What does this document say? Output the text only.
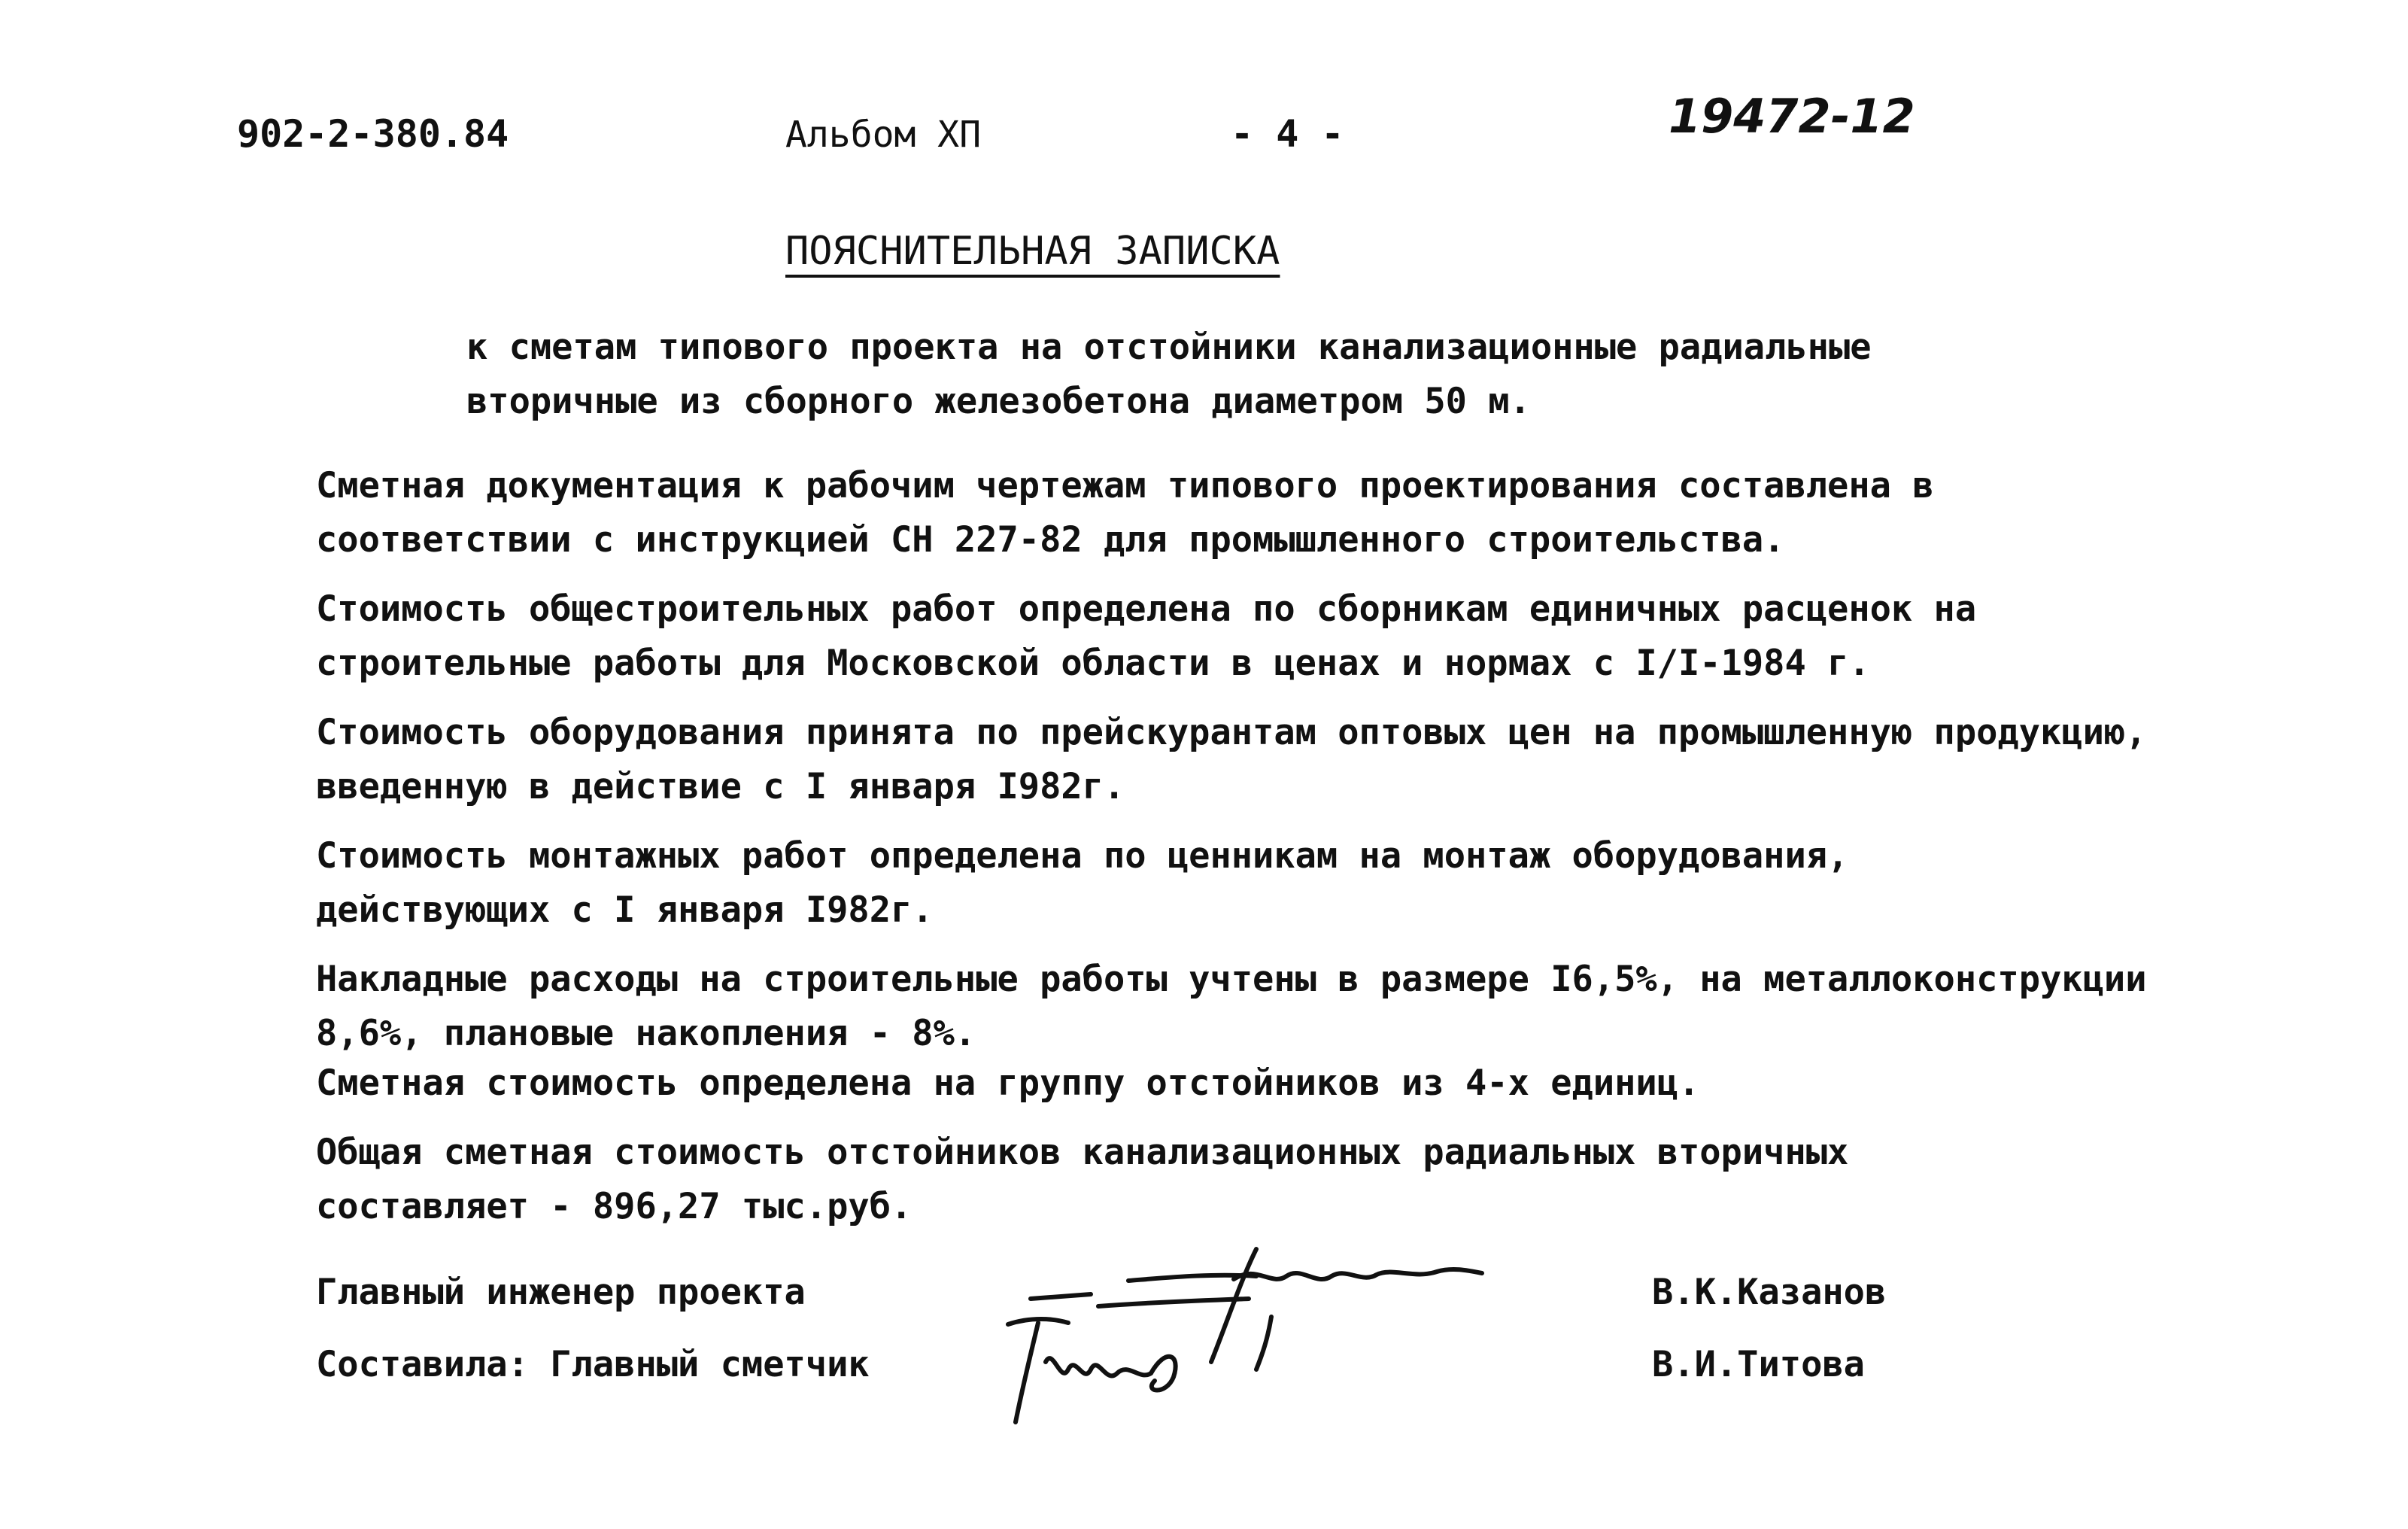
902-2-380.84	Альбом XП	- 4 -	19472-12
ПОЯСНИТЕЛЬНАЯ ЗАПИСКА
к сметам типового проекта на отстойники канализационные радиальные
вторичные из сборного железобетона диаметром 50 м.
Сметная документация к рабочим чертежам типового проектирования составлена в
соответствии с инструкцией СН 227-82 для промышленного строительства.
Стоимость общестроительных работ определена по сборникам единичных расценок на
строительные работы для Московской области в ценах и нормах с I/I-1984 г.
Стоимость оборудования принята по прейскурантам оптовых цен на промышленную продукцию,
введенную в действие с I января I982г.
Стоимость монтажных работ определена по ценникам на монтаж оборудования,
действующих с I января I982г.
Накладные расходы на строительные работы учтены в размере I6,5%, на металлоконструкции
8,6%, плановые накопления - 8%.
Сметная стоимость определена на группу отстойников из 4-х единиц.
Общая сметная стоимость отстойников канализационных радиальных вторичных
составляет - 896,27 тыс.руб.
Главный инженер проекта
Составила: Главный сметчик
В.К.Казанов
В.И.Титова
